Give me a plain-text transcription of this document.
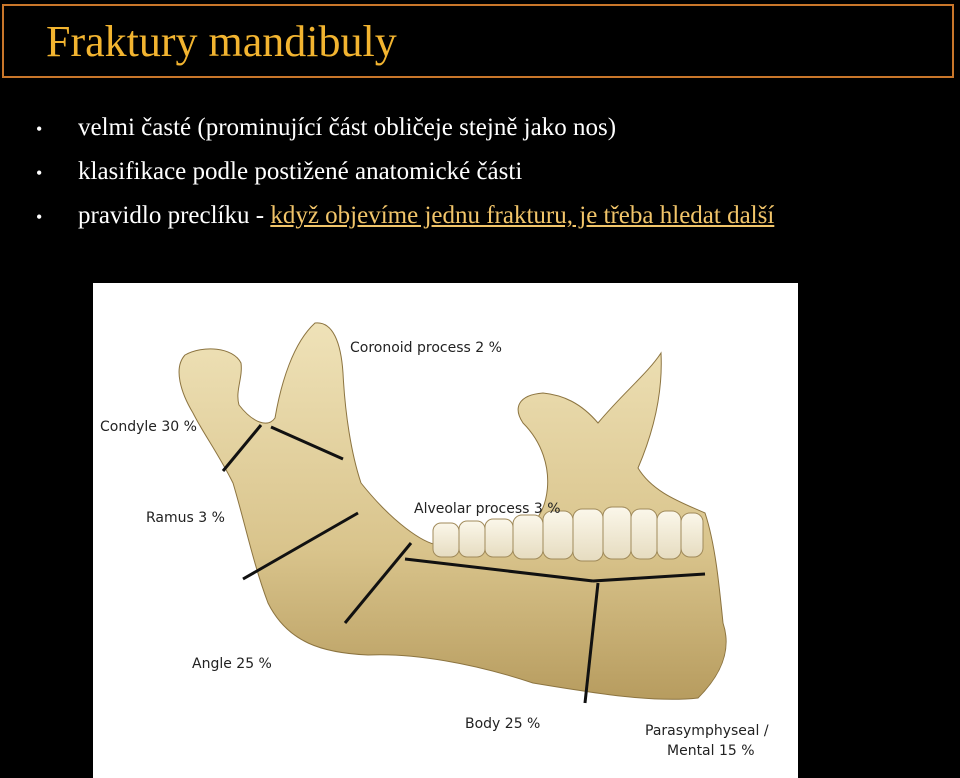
Fraktury mandibuly
• velmi časté (prominující část obličeje stejně jako nos)
• klasifikace podle postižené anatomické části
• pravidlo preclíku - když objevíme jednu frakturu, je třeba hledat další
Coronoid process 2 %
Condyle 30 %
Ramus 3 %
Alveolar process 3 %
Angle 25 %
Body 25 %	Parasymphyseal /
Mental 15 %
